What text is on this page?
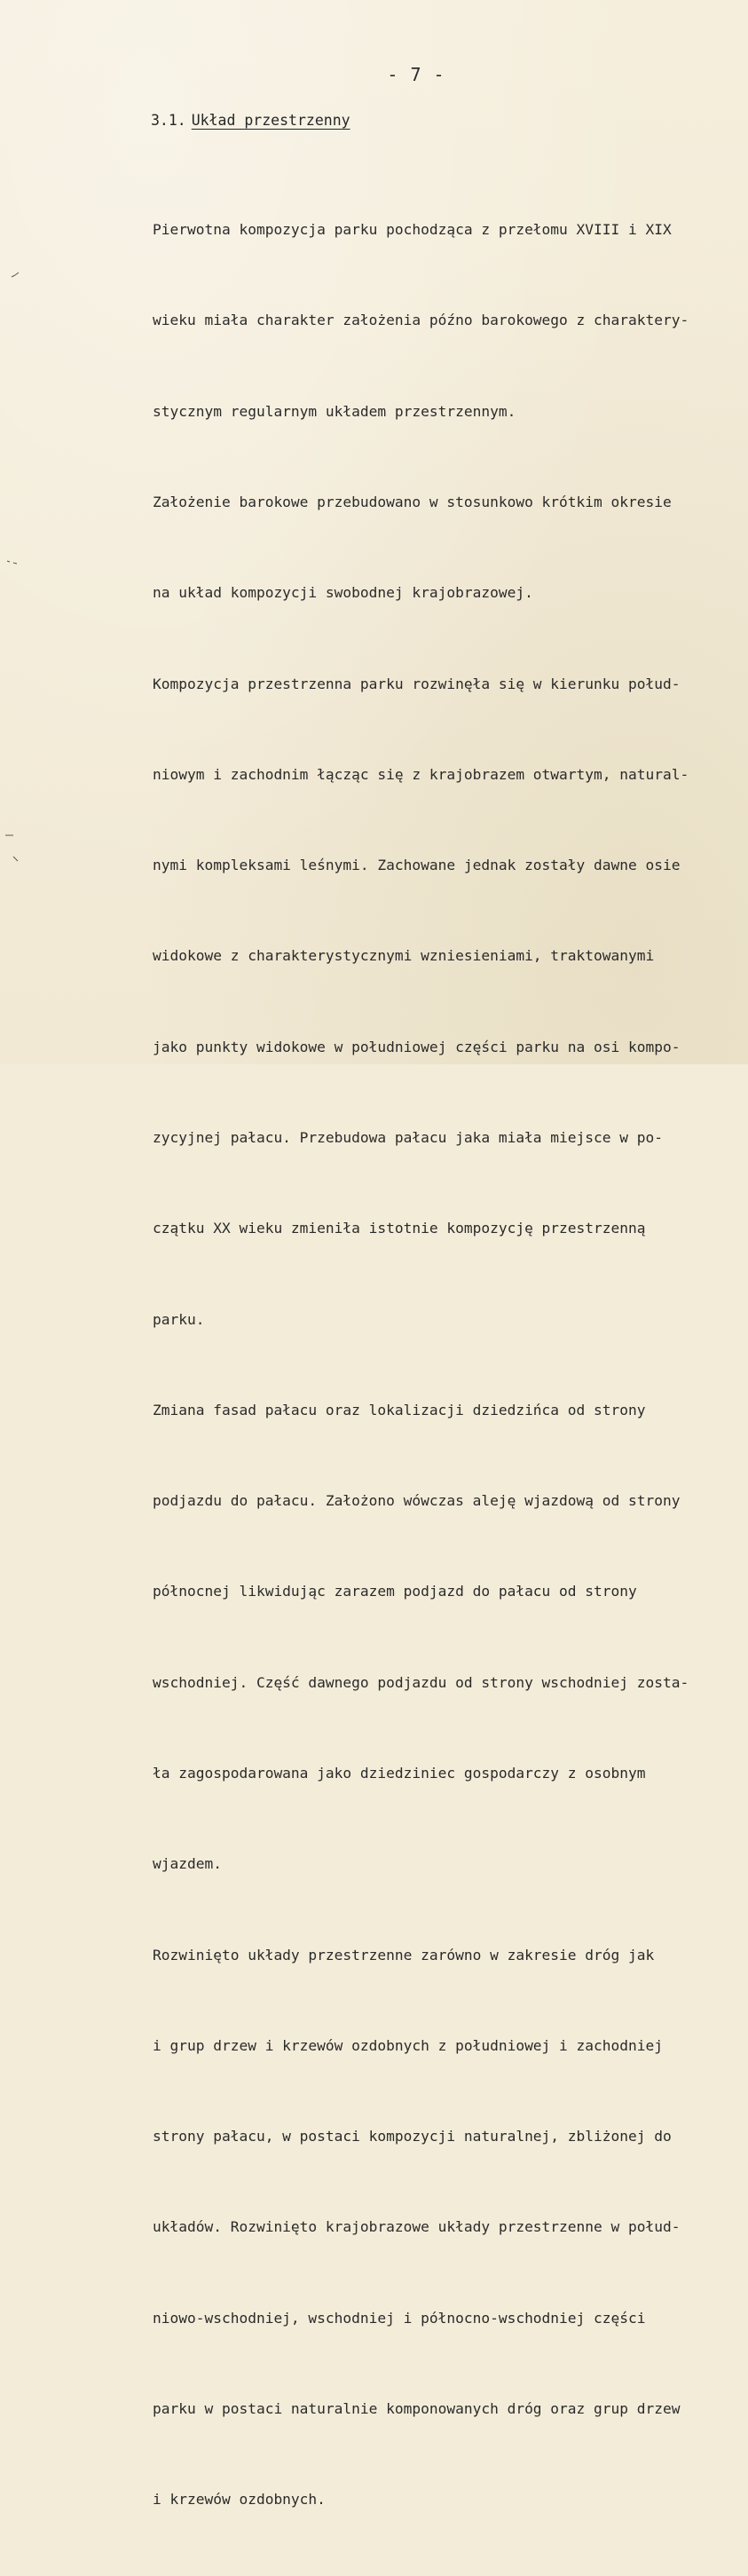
- 7 -
3.1. Układ przestrzenny

Pierwotna kompozycja parku pochodząca z przełomu XVIII i XIX

wieku miała charakter założenia późno barokowego z charaktery-

stycznym regularnym układem przestrzennym.

Założenie barokowe przebudowano w stosunkowo krótkim okresie

na układ kompozycji swobodnej krajobrazowej.

Kompozycja przestrzenna parku rozwinęła się w kierunku połud-

niowym i zachodnim łącząc się z krajobrazem otwartym, natural-

nymi kompleksami leśnymi. Zachowane jednak zostały dawne osie

widokowe z charakterystycznymi wzniesieniami, traktowanymi

jako punkty widokowe w południowej części parku na osi kompo-

zycyjnej pałacu. Przebudowa pałacu jaka miała miejsce w po-

czątku XX wieku zmieniła istotnie kompozycję przestrzenną

parku.

Zmiana fasad pałacu oraz lokalizacji dziedzińca od strony

podjazdu do pałacu. Założono wówczas aleję wjazdową od strony

północnej likwidując zarazem podjazd do pałacu od strony

wschodniej. Część dawnego podjazdu od strony wschodniej zosta-

ła zagospodarowana jako dziedziniec gospodarczy z osobnym

wjazdem.

Rozwinięto układy przestrzenne zarówno w zakresie dróg jak

i grup drzew i krzewów ozdobnych z południowej i zachodniej

strony pałacu, w postaci kompozycji naturalnej, zbliżonej do

układów. Rozwinięto krajobrazowe układy przestrzenne w połud-

niowo-wschodniej, wschodniej i północno-wschodniej części

parku w postaci naturalnie komponowanych dróg oraz grup drzew

i krzewów ozdobnych.
